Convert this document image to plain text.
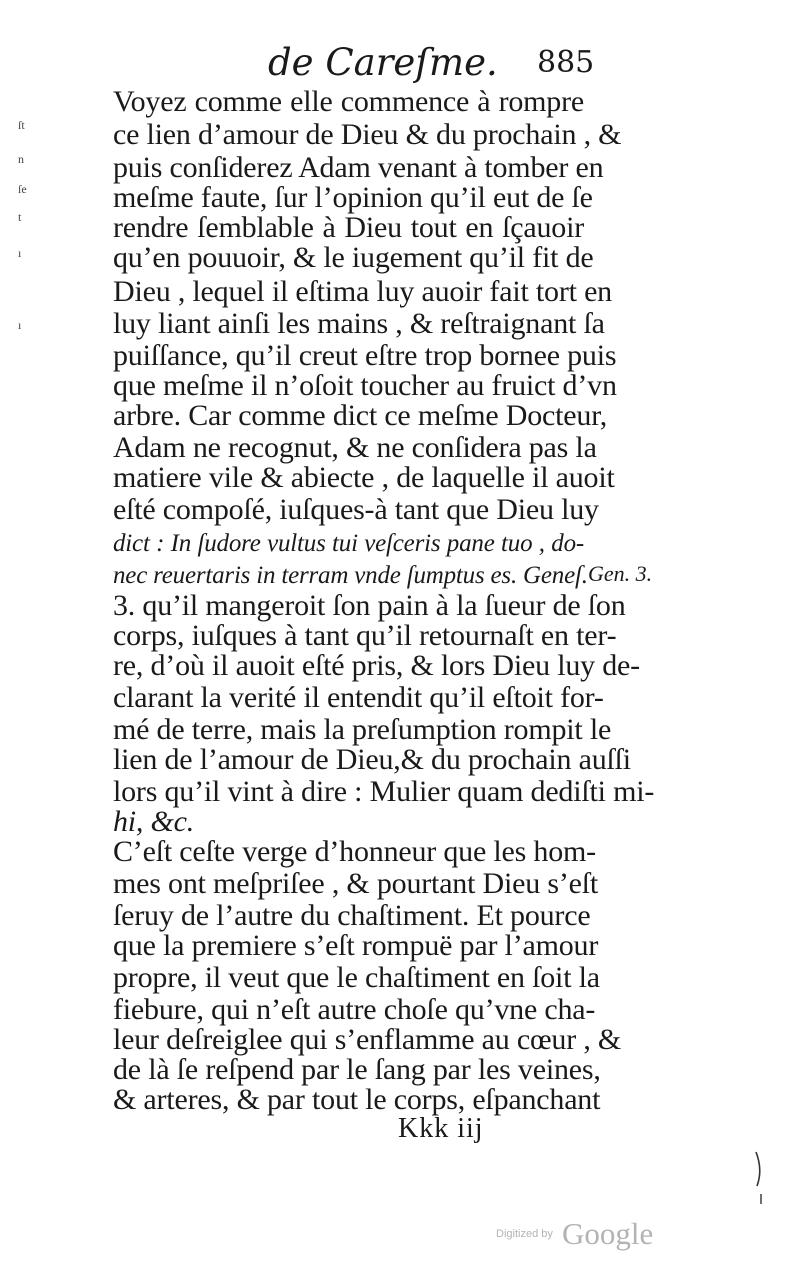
de Careſme. 885
ſt
n
ſe
t
ı
ı
Voyez comme elle commence à rompre
ce lien d’amour de Dieu & du prochain , &
puis conſiderez Adam venant à tomber en
meſme faute, ſur l’opinion qu’il eut de ſe
rendre ſemblable à Dieu tout en ſçauoir
qu’en pouuoir, & le iugement qu’il fit de
Dieu , lequel il eſtima luy auoir fait tort en
luy liant ainſi les mains , & reſtraignant ſa
puiſſance, qu’il creut eſtre trop bornee puis
que meſme il n’oſoit toucher au fruict d’vn
arbre. Car comme dict ce meſme Docteur,
Adam ne recognut, & ne conſidera pas la
matiere vile & abiecte , de laquelle il auoit
eſté compoſé, iuſques-à tant que Dieu luy
dict : In ſudore vultus tui veſceris pane tuo , do-
nec reuertaris in terram vnde ſumptus es. Geneſ.
3. qu’il mangeroit ſon pain à la ſueur de ſon
corps, iuſques à tant qu’il retournaſt en ter-
re, d’où il auoit eſté pris, & lors Dieu luy de-
clarant la verité il entendit qu’il eſtoit for-
mé de terre, mais la preſumption rompit le
lien de l’amour de Dieu,& du prochain auſſi
lors qu’il vint à dire : Mulier quam dediſti mi-
hi, &c.
C’eſt ceſte verge d’honneur que les hom-
mes ont meſpriſee , & pourtant Dieu s’eſt
ſeruy de l’autre du chaſtiment. Et pource
que la premiere s’eſt rompuë par l’amour
propre, il veut que le chaſtiment en ſoit la
fiebure, qui n’eſt autre choſe qu’vne cha-
leur deſreiglee qui s’enflamme au cœur , &
de là ſe reſpend par le ſang par les veines,
& arteres, & par tout le corps, eſpanchant
Gen. 3.
Kkk iij
Digitized by Google
